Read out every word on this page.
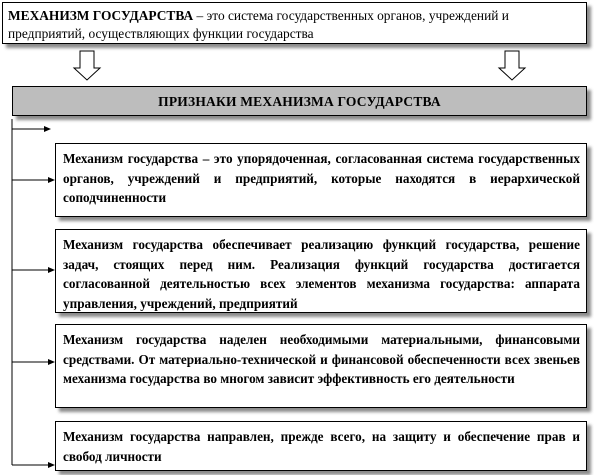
МЕХАНИЗМ ГОСУДАРСТВА – это система государственных органов, учреждений и предприятий, осуществляющих функции государства
ПРИЗНАКИ МЕХАНИЗМА ГОСУДАРСТВА
Механизм государства – это упорядоченная, согласованная система государственных органов, учреждений и предприятий, которые находятся в иерархической соподчиненности
Механизм государства обеспечивает реализацию функций государства, решение задач, стоящих перед ним. Реализация функций государства достигается согласованной деятельностью всех элементов механизма государства: аппарата управления, учреждений, предприятий
Механизм государства наделен необходимыми материальными, финансовыми средствами. От материально-технической и финансовой обеспеченности всех звеньев механизма государства во многом зависит эффективность его деятельности
Механизм государства направлен, прежде всего, на защиту и обеспечение прав и свобод личности
